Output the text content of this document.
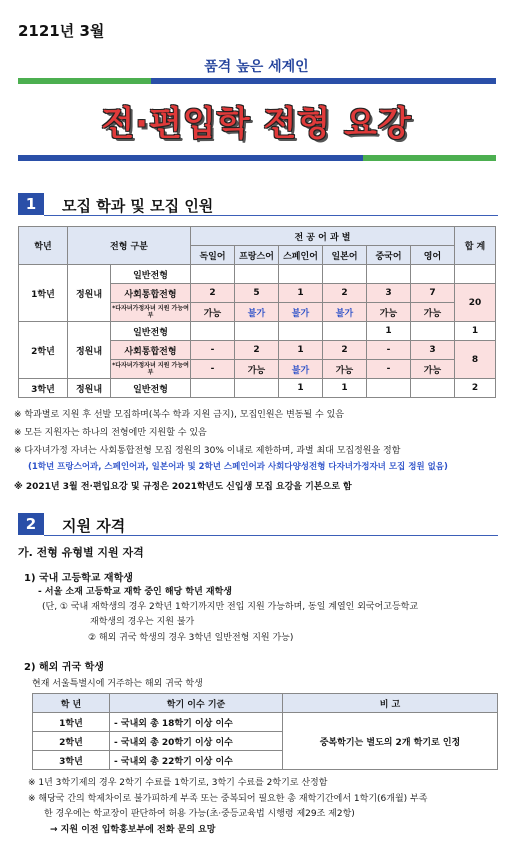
2121년 3월
품격 높은 세계인
전·편입학 전형 요강
1	모집 학과 및 모집 인원
학년	전형 구분		전 공 어 과 별						합 계
			독일어	프랑스어	스페인어	일본어	중국어	영어	
1학년	정원내	일반전형							
		사회통합전형	2	5	1	2	3	7	20
		*다자녀가정자녀 지원 가능여부	가능	불가	불가	불가	가능	가능	
2학년	정원내	일반전형					1		1
		사회통합전형	-	2	1	2	-	3	8
		*다자녀가정자녀 지원 가능여부	-	가능	불가	가능	-	가능	
3학년	정원내	일반전형			1	1			2
※ 학과별로 지원 후 선발 모집하며(복수 학과 지원 금지), 모집인원은 변동될 수 있음
※ 모든 지원자는 하나의 전형에만 지원할 수 있음
※ 다자녀가정 자녀는 사회통합전형 모집 정원의 30% 이내로 제한하며, 과별 최대 모집정원을 정함
(1학년 프랑스어과, 스페인어과, 일본어과 및 2학년 스페인어과 사회다양성전형 다자녀가정자녀 모집 정원 없음)
※ 2021년 3월 전·편입요강 및 규정은 2021학년도 신입생 모집 요강을 기본으로 함
2	지원 자격
가. 전형 유형별 지원 자격
1) 국내 고등학교 재학생
- 서울 소재 고등학교 재학 중인 해당 학년 재학생
(단, ① 국내 재학생의 경우 2학년 1학기까지만 전입 지원 가능하며, 동일 계열인 외국어고등학교
재학생의 경우는 지원 불가
② 해외 귀국 학생의 경우 3학년 일반전형 지원 가능)
2) 해외 귀국 학생
현재 서울특별시에 거주하는 해외 귀국 학생
학 년	학기 이수 기준	비 고
1학년	- 국내외 총 18학기 이상 이수	중복학기는 별도의 2개 학기로 인정
2학년	- 국내외 총 20학기 이상 이수	
3학년	- 국내외 총 22학기 이상 이수	
※ 1년 3학기제의 경우 2학기 수료를 1학기로, 3학기 수료를 2학기로 산정함
※ 해당국 간의 학제차이로 불가피하게 부족 또는 중복되어 필요한 총 재학기간에서 1학기(6개월) 부족
한 경우에는 학교장이 판단하여 허용 가능(초·중등교육법 시행령 제29조 제2항)
→ 지원 이전 입학홍보부에 전화 문의 요망
